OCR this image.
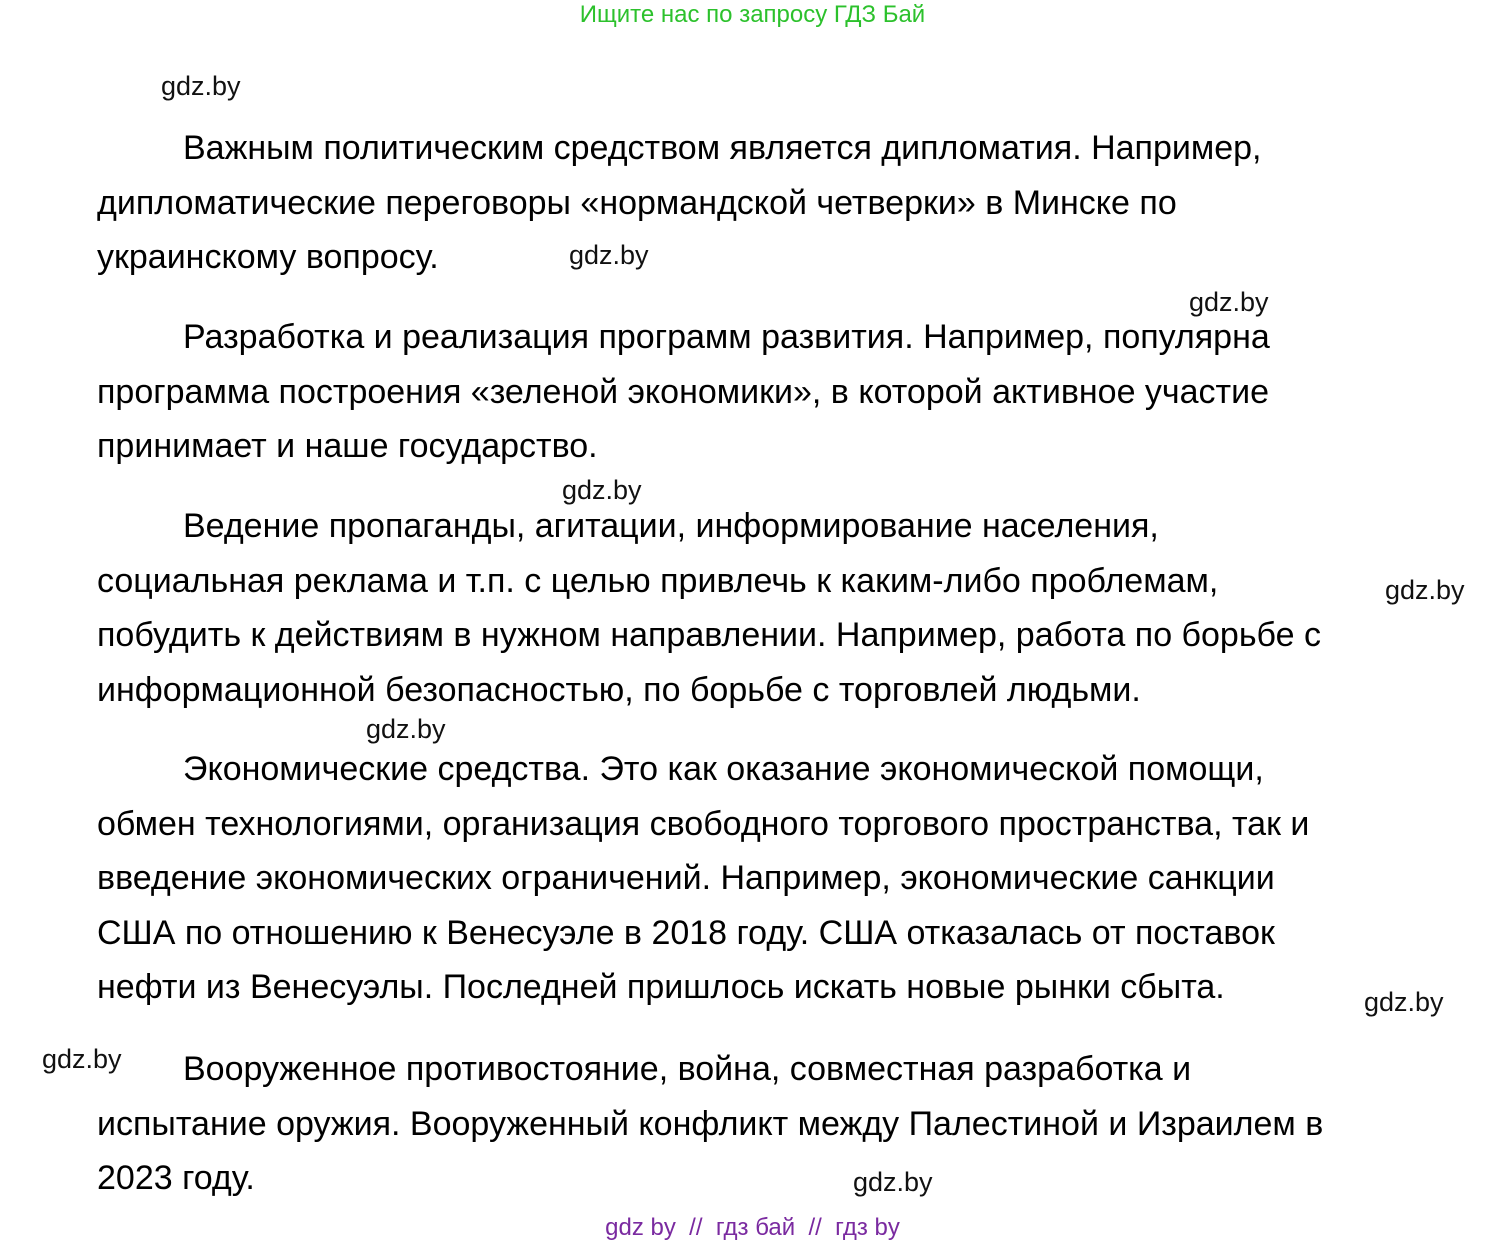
Ищите нас по запросу ГДЗ Бай
gdz.by
gdz.by
gdz.by
gdz.by
gdz.by
gdz.by
gdz.by
gdz.by
gdz.by
Важным политическим средством является дипломатия. Например,
дипломатические переговоры «нормандской четверки» в Минске по
украинскому вопросу.
Разработка и реализация программ развития. Например, популярна
программа построения «зеленой экономики», в которой активное участие
принимает и наше государство.
Ведение пропаганды, агитации, информирование населения,
социальная реклама и т.п. с целью привлечь к каким-либо проблемам,
побудить к действиям в нужном направлении. Например, работа по борьбе с
информационной безопасностью, по борьбе с торговлей людьми.
Экономические средства. Это как оказание экономической помощи,
обмен технологиями, организация свободного торгового пространства, так и
введение экономических ограничений. Например, экономические санкции
США по отношению к Венесуэле в 2018 году. США отказалась от поставок
нефти из Венесуэлы. Последней пришлось искать новые рынки сбыта.
Вооруженное противостояние, война, совместная разработка и
испытание оружия. Вооруженный конфликт между Палестиной и Израилем в
2023 году.
gdz by  //  гдз бай  //  гдз by
